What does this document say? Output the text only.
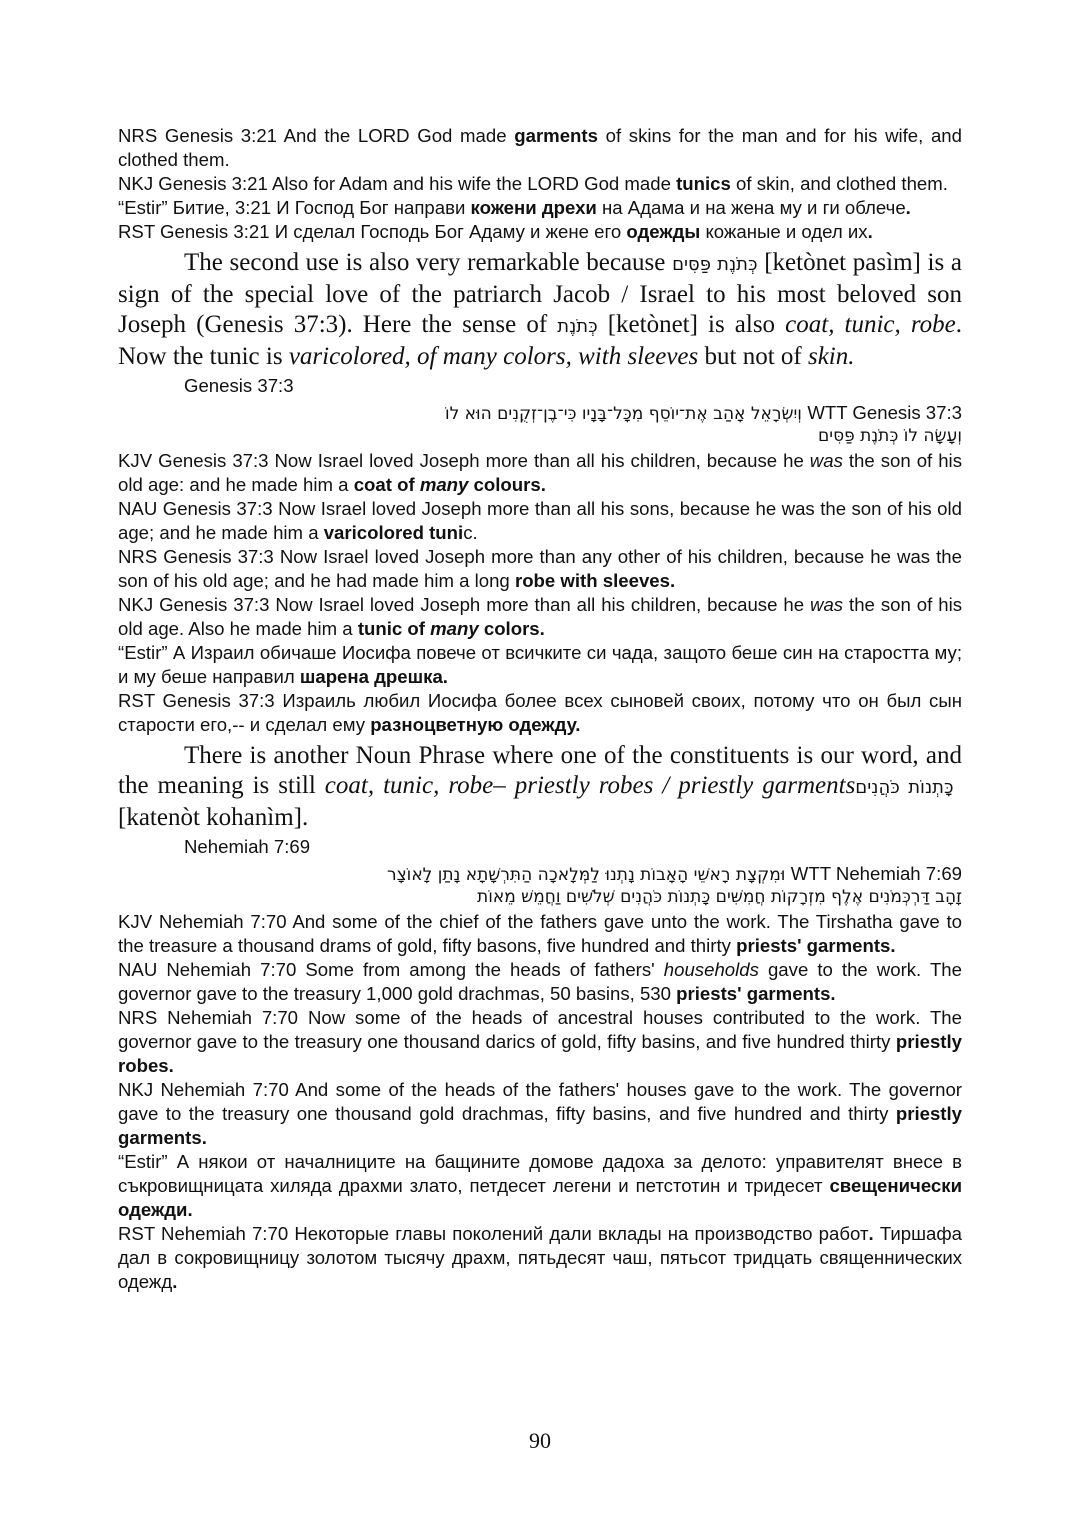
NRS Genesis 3:21 And the LORD God made garments of skins for the man and for his wife, and clothed them.

NKJ Genesis 3:21 Also for Adam and his wife the LORD God made tunics of skin, and clothed them.

“Estir” Битие, 3:21 И Господ Бог направи кожени дрехи на Адама и на жена му и ги облече.

RST Genesis 3:21 И сделал Господь Бог Адаму и жене его одежды кожаные и одел их.

The second use is also very remarkable because כְּתֹנֶת פַּסִּים [ketònet pasìm] is a sign of the special love of the patriarch Jacob / Israel to his most beloved son Joseph (Genesis 37:3). Here the sense of כְּתֹנֶת [ketònet] is also coat, tunic, robe. Now the tunic is varicolored, of many colors, with sleeves but not of skin.

Genesis 37:3

WTT Genesis 37:3 וְיִשְׂרָאֵל אָהַב אֶת־יוֹסֵף מִכָּל־בָּנָיו כִּי־בֶן־זְקֻנִים הוּא לוֹ
וְעָשָׂה לוֹ כְּתֹנֶת פַּסִּים

KJV Genesis 37:3 Now Israel loved Joseph more than all his children, because he was the son of his old age: and he made him a coat of many colours.

NAU Genesis 37:3 Now Israel loved Joseph more than all his sons, because he was the son of his old age; and he made him a varicolored tunic.

NRS Genesis 37:3 Now Israel loved Joseph more than any other of his children, because he was the son of his old age; and he had made him a long robe with sleeves.

NKJ Genesis 37:3 Now Israel loved Joseph more than all his children, because he was the son of his old age. Also he made him a tunic of many colors.

“Estir” А Израил обичаше Иосифа повече от всичките си чада, защото беше син на старостта му; и му беше направил шарена дрешка.

RST Genesis 37:3 Израиль любил Иосифа более всех сыновей своих, потому что он был сын старости его,-- и сделал ему разноцветную одежду.

There is another Noun Phrase where one of the constituents is our word, and the meaning is still coat, tunic, robe– priestly robes / priestly garments כָּתְנוֹת כֹּהֲנִים [katenòt kohanìm].

Nehemiah 7:69

WTT Nehemiah 7:69 וּמִקְצָת רָאשֵׁי הָאָבוֹת נָתְנוּ לַמְּלָאכָה הַתִּרְשָׁתָא נָתַן לָאוֹצָר
זָהָב דַּרְכְּמֹנִים אֶלֶף מִזְרָקוֹת חֲמִשִּׁים כָּתְנוֹת כֹּהֲנִים שְׁלֹשִׁים וַחֲמֵשׁ מֵאוֹת

KJV Nehemiah 7:70 And some of the chief of the fathers gave unto the work. The Tirshatha gave to the treasure a thousand drams of gold, fifty basons, five hundred and thirty priests' garments.

NAU Nehemiah 7:70 Some from among the heads of fathers' households gave to the work. The governor gave to the treasury 1,000 gold drachmas, 50 basins, 530 priests' garments.

NRS Nehemiah 7:70 Now some of the heads of ancestral houses contributed to the work. The governor gave to the treasury one thousand darics of gold, fifty basins, and five hundred thirty priestly robes.

NKJ Nehemiah 7:70 And some of the heads of the fathers' houses gave to the work. The governor gave to the treasury one thousand gold drachmas, fifty basins, and five hundred and thirty priestly garments.

“Estir” А някои от началниците на бащините домове дадоха за делото: управителят внесе в съкровищницата хиляда драхми злато, петдесет легени и петстотин и тридесет свещенически одежди.

RST Nehemiah 7:70 Некоторые главы поколений дали вклады на производство работ. Тиршафа дал в сокровищницу золотом тысячу драхм, пятьдесят чаш, пятьсот тридцать священнических одежд.

90
